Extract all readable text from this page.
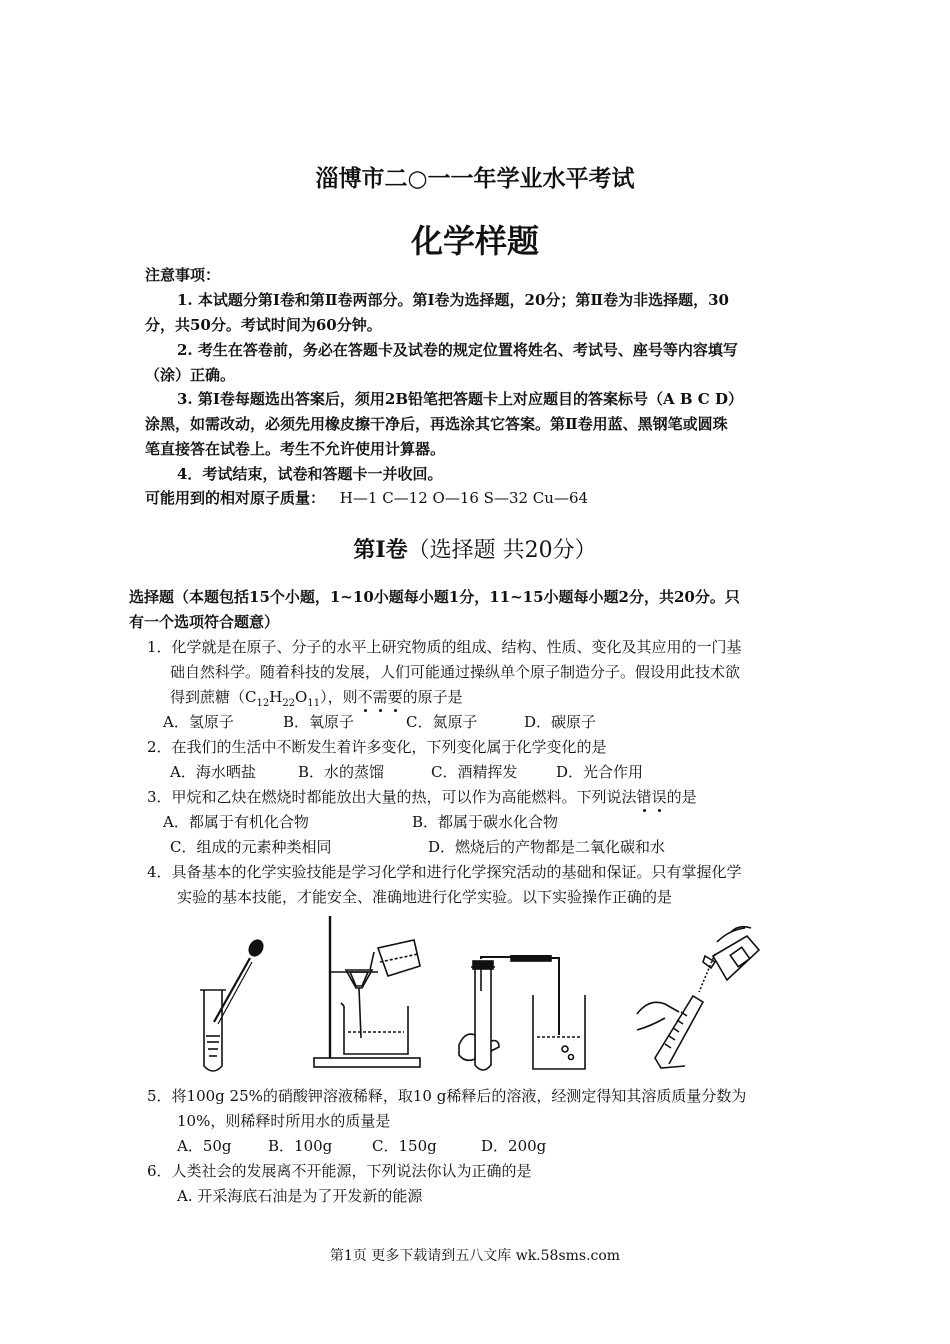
淄博市二○一一年学业水平考试
化学样题
注意事项：
1. 本试题分第Ⅰ卷和第Ⅱ卷两部分。第Ⅰ卷为选择题，20分；第Ⅱ卷为非选择题，30
分，共50分。考试时间为60分钟。
2. 考生在答卷前，务必在答题卡及试卷的规定位置将姓名、考试号、座号等内容填写
（涂）正确。
3. 第Ⅰ卷每题选出答案后，须用2B铅笔把答题卡上对应题目的答案标号（A B C D）
涂黑，如需改动，必须先用橡皮擦干净后，再选涂其它答案。第Ⅱ卷用蓝、黑钢笔或圆珠
笔直接答在试卷上。考生不允许使用计算器。
4．考试结束，试卷和答题卡一并收回。
可能用到的相对原子质量： H—1 C—12 O—16 S—32 Cu—64
第Ⅰ卷（选择题 共20分）
选择题（本题包括15个小题，1~10小题每小题1分，11~15小题每小题2分，共20分。只
有一个选项符合题意）
1．化学就是在原子、分子的水平上研究物质的组成、结构、性质、变化及其应用的一门基
础自然科学。随着科技的发展，人们可能通过操纵单个原子制造分子。假设用此技术欲
得到蔗糖$(C_{12}H_{22}O_{11})$，则不需要的原子是
A．氢原子	B．氧原子	C．氮原子	D．碳原子
2．在我们的生活中不断发生着许多变化，下列变化属于化学变化的是
A．海水晒盐	B．水的蒸馏	C．酒精挥发	D．光合作用
3．甲烷和乙炔在燃烧时都能放出大量的热，可以作为高能燃料。下列说法错误的是
A．都属于有机化合物	B．都属于碳水化合物
C．组成的元素种类相同	D．燃烧后的产物都是二氧化碳和水
4．具备基本的化学实验技能是学习化学和进行化学探究活动的基础和保证。只有掌握化学
实验的基本技能，才能安全、准确地进行化学实验。以下实验操作正确的是
5．将100g 25%的硝酸钾溶液稀释，取10 g稀释后的溶液，经测定得知其溶质质量分数为
10%，则稀释时所用水的质量是
A．50g B．100g	C．150g	D．200g
6．人类社会的发展离不开能源，下列说法你认为正确的是
A. 开采海底石油是为了开发新的能源
第1页 更多下载请到五八文库 wk.58sms.com
